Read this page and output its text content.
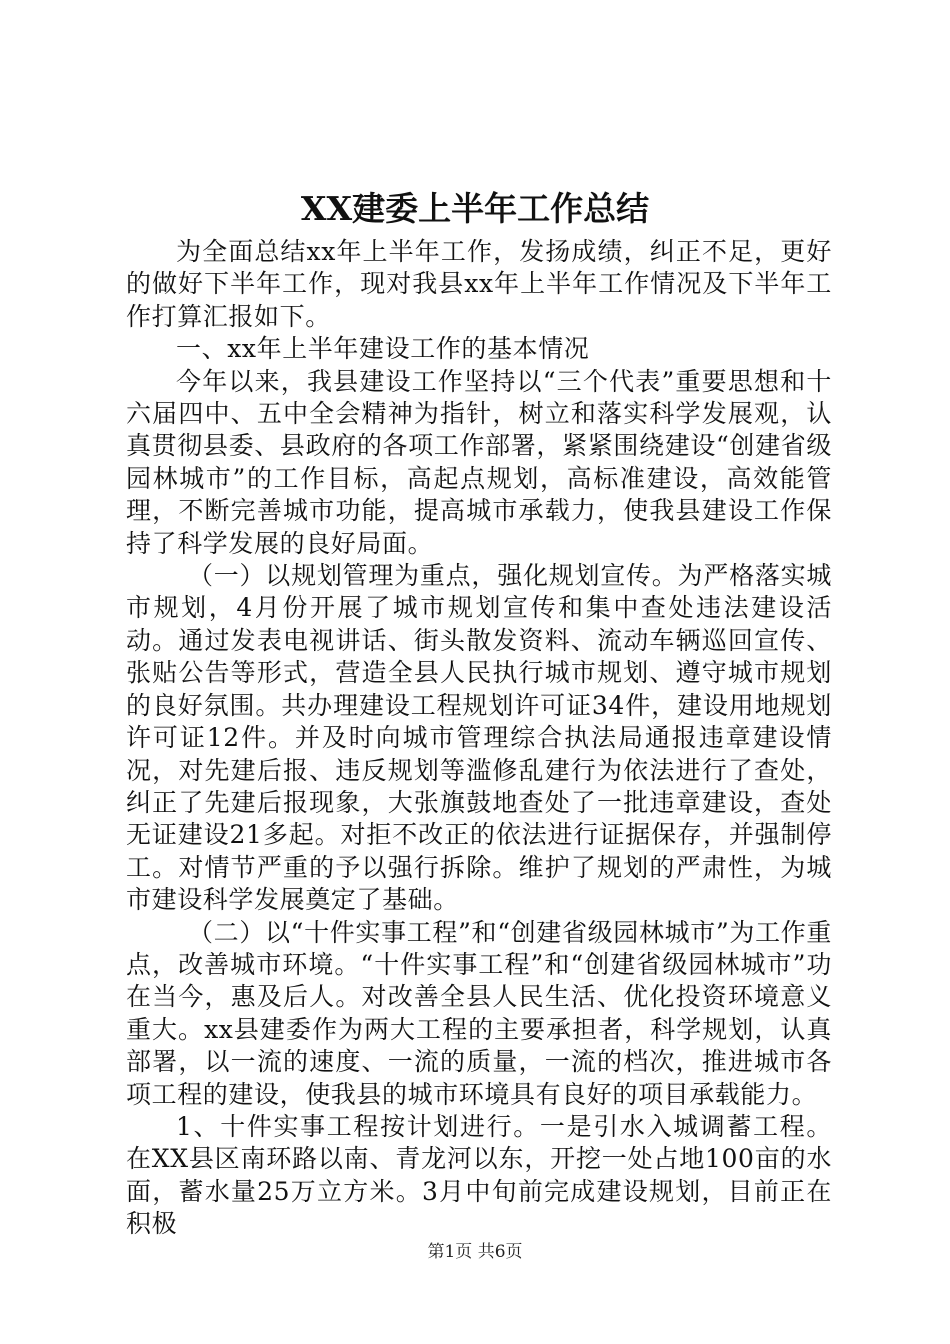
XX建委上半年工作总结

为全面总结xx年上半年工作，发扬成绩，纠正不足，更好的做好下半年工作，现对我县xx年上半年工作情况及下半年工作打算汇报如下。

一、xx年上半年建设工作的基本情况

今年以来，我县建设工作坚持以“三个代表”重要思想和十六届四中、五中全会精神为指针，树立和落实科学发展观，认真贯彻县委、县政府的各项工作部署，紧紧围绕建设“创建省级园林城市”的工作目标，高起点规划，高标准建设，高效能管理，不断完善城市功能，提高城市承载力，使我县建设工作保持了科学发展的良好局面。

（一）以规划管理为重点，强化规划宣传。为严格落实城市规划，4月份开展了城市规划宣传和集中查处违法建设活动。通过发表电视讲话、街头散发资料、流动车辆巡回宣传、张贴公告等形式，营造全县人民执行城市规划、遵守城市规划的良好氛围。共办理建设工程规划许可证34件，建设用地规划许可证12件。并及时向城市管理综合执法局通报违章建设情况，对先建后报、违反规划等滥修乱建行为依法进行了查处，纠正了先建后报现象，大张旗鼓地查处了一批违章建设，查处无证建设21多起。对拒不改正的依法进行证据保存，并强制停工。对情节严重的予以强行拆除。维护了规划的严肃性，为城市建设科学发展奠定了基础。

（二）以“十件实事工程”和“创建省级园林城市”为工作重点，改善城市环境。“十件实事工程”和“创建省级园林城市”功在当今，惠及后人。对改善全县人民生活、优化投资环境意义重大。xx县建委作为两大工程的主要承担者，科学规划，认真部署，以一流的速度、一流的质量，一流的档次，推进城市各项工程的建设，使我县的城市环境具有良好的项目承载能力。

1、十件实事工程按计划进行。一是引水入城调蓄工程。在XX县区南环路以南、青龙河以东，开挖一处占地100亩的水面，蓄水量25万立方米。3月中旬前完成建设规划，目前正在积极

第1页 共6页
